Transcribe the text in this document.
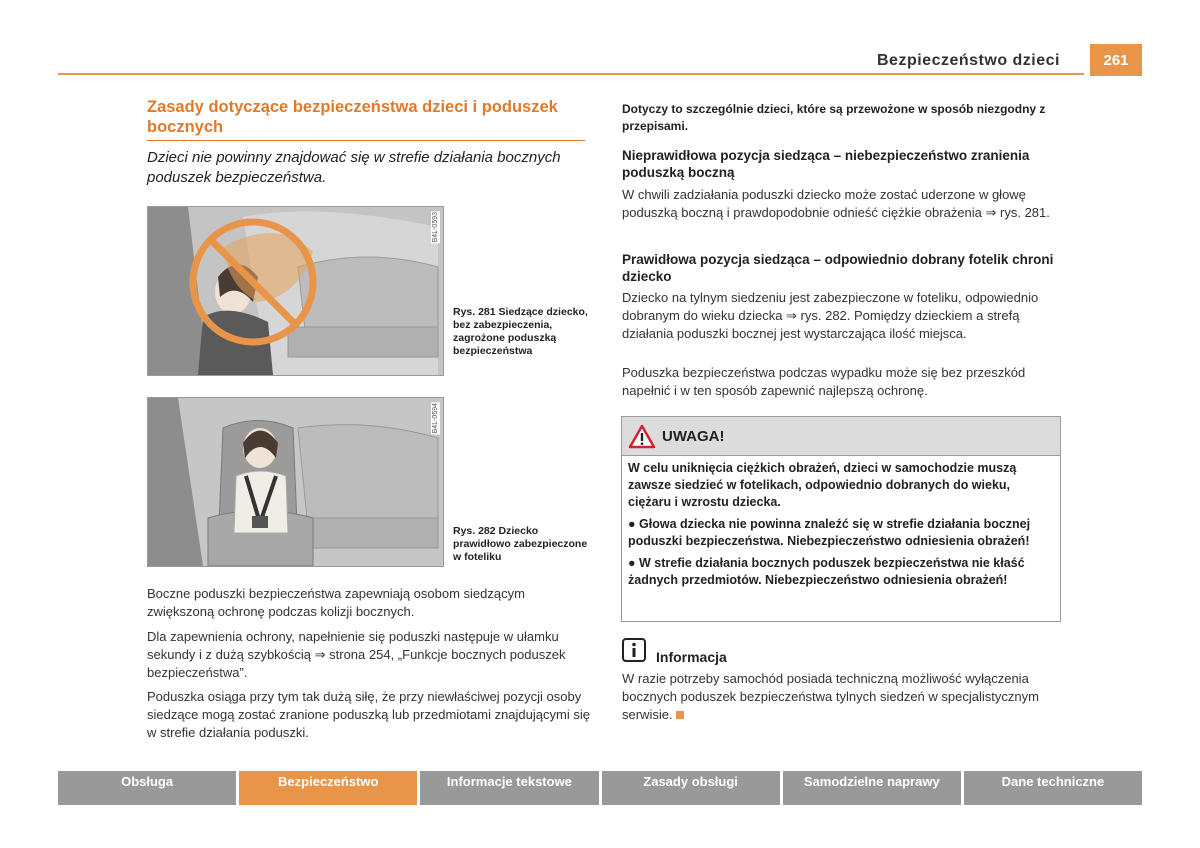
Bezpieczeństwo dzieci	261
Zasady dotyczące bezpieczeństwa dzieci i poduszek bocznych
Dzieci nie powinny znajdować się w strefie działania bocznych poduszek bezpieczeństwa.
B4L-0593
Rys. 281 Siedzące dziecko, bez zabezpieczenia, zagrożone poduszką bezpieczeństwa
B4L-0594
Rys. 282 Dziecko prawidłowo zabezpieczone w foteliku
Boczne poduszki bezpieczeństwa zapewniają osobom siedzącym zwiększoną ochronę podczas kolizji bocznych.
Dla zapewnienia ochrony, napełnienie się poduszki następuje w ułamku sekundy i z dużą szybkością ⇒ strona 254, „Funkcje bocznych poduszek bezpieczeństwa”.
Poduszka osiąga przy tym tak dużą siłę, że przy niewłaściwej pozycji osoby siedzące mogą zostać zranione poduszką lub przedmiotami znajdującymi się w strefie działania poduszki.
Dotyczy to szczególnie dzieci, które są przewożone w sposób niezgodny z przepisami.
Nieprawidłowa pozycja siedząca – niebezpieczeństwo zranienia poduszką boczną
W chwili zadziałania poduszki dziecko może zostać uderzone w głowę poduszką boczną i prawdopodobnie odnieść ciężkie obrażenia ⇒ rys. 281.
Prawidłowa pozycja siedząca – odpowiednio dobrany fotelik chroni dziecko
Dziecko na tylnym siedzeniu jest zabezpieczone w foteliku, odpowiednio dobranym do wieku dziecka ⇒ rys. 282. Pomiędzy dzieckiem a strefą działania poduszki bocznej jest wystarczająca ilość miejsca.
Poduszka bezpieczeństwa podczas wypadku może się bez przeszkód napełnić i w ten sposób zapewnić najlepszą ochronę.
UWAGA!

W celu uniknięcia ciężkich obrażeń, dzieci w samochodzie muszą zawsze siedzieć w fotelikach, odpowiednio dobranych do wieku, ciężaru i wzrostu dziecka.

● Głowa dziecka nie powinna znaleźć się w strefie działania bocznej poduszki bezpieczeństwa. Niebezpieczeństwo odniesienia obrażeń!

● W strefie działania bocznych poduszek bezpieczeństwa nie kłaść żadnych przedmiotów. Niebezpieczeństwo odniesienia obrażeń!

Informacja
W razie potrzeby samochód posiada techniczną możliwość wyłączenia bocznych poduszek bezpieczeństwa tylnych siedzeń w specjalistycznym serwisie.
Obsługa	Bezpieczeństwo	Informacje tekstowe	Zasady obsługi	Samodzielne naprawy	Dane techniczne
